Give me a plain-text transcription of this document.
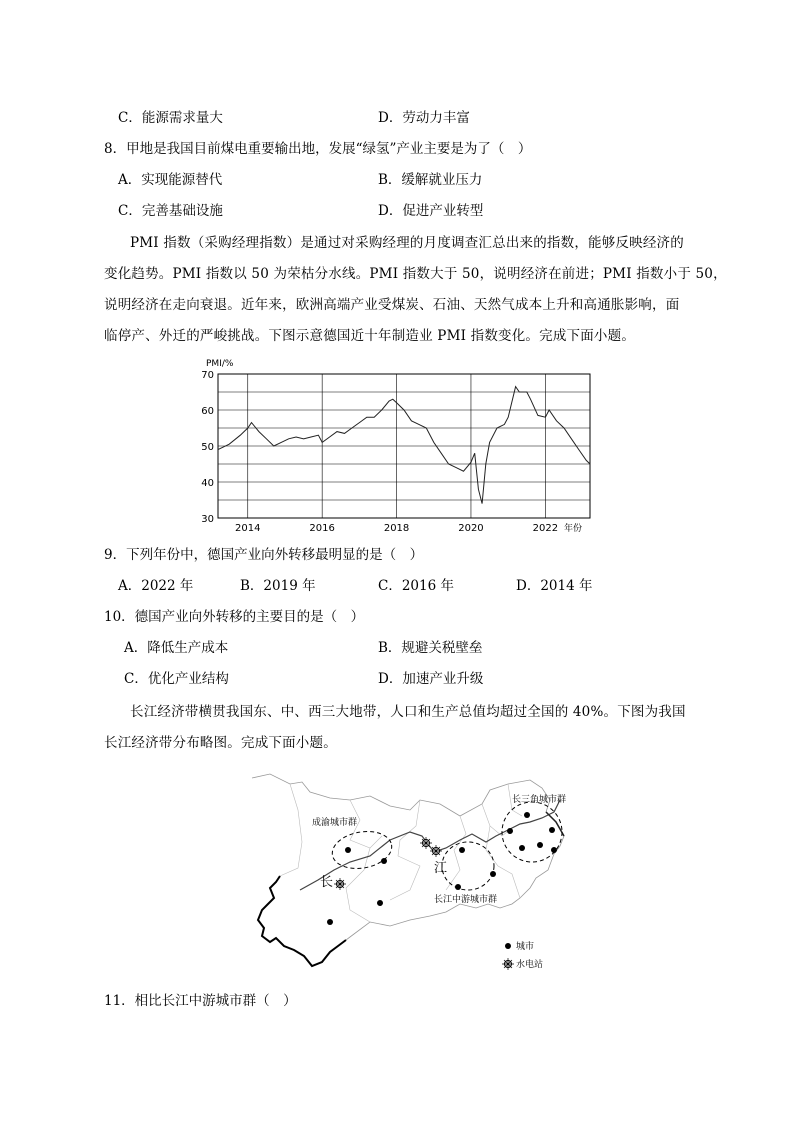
C．能源需求量大	D．劳动力丰富
8．甲地是我国目前煤电重要输出地，发展“绿氢”产业主要是为了（　）
A．实现能源替代	B．缓解就业压力
C．完善基础设施	D．促进产业转型
PMI 指数（采购经理指数）是通过对采购经理的月度调查汇总出来的指数，能够反映经济的
变化趋势。PMI 指数以 50 为荣枯分水线。PMI 指数大于 50，说明经济在前进；PMI 指数小于 50，
说明经济在走向衰退。近年来，欧洲高端产业受煤炭、石油、天然气成本上升和高通胀影响，面
临停产、外迁的严峻挑战。下图示意德国近十年制造业 PMI 指数变化。完成下面小题。
70
60
50
40
30
2014	2016	2018	2020	2022
PMI/%
年份
9．下列年份中，德国产业向外转移最明显的是（　）
A．2022 年	B．2019 年	C．2016 年	D．2014 年
10．德国产业向外转移的主要目的是（　）
A．降低生产成本	B．规避关税壁垒
C．优化产业结构	D．加速产业升级
长江经济带横贯我国东、中、西三大地带，人口和生产总值均超过全国的 40%。下图为我国
长江经济带分布略图。完成下面小题。
成渝城市群
长江中游城市群
长三角城市群
长
江
城市
水电站
11．相比长江中游城市群（　）
